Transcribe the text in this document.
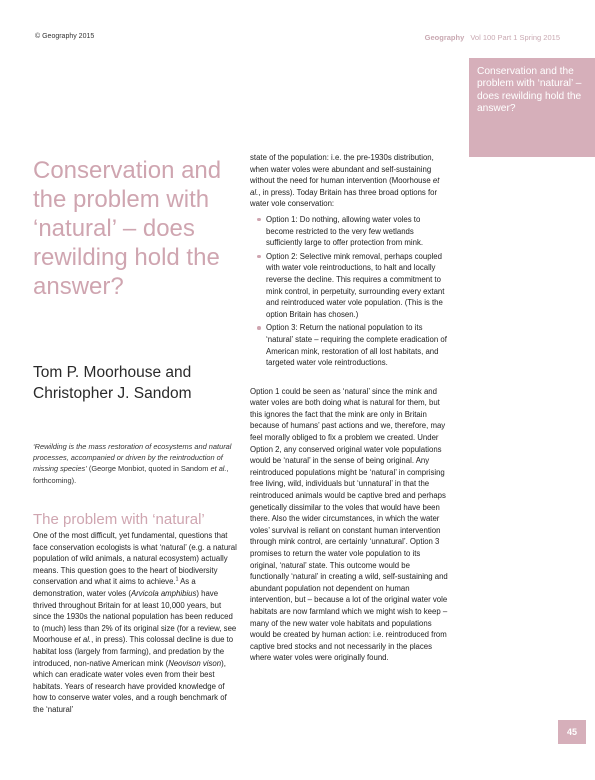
© Geography 2015	Geography Vol 100 Part 1 Spring 2015
Conservation and the problem with ‘natural’ – does rewilding hold the answer?
Conservation and the problem with ‘natural’ – does rewilding hold the answer?
Tom P. Moorhouse and Christopher J. Sandom

‘Rewilding is the mass restoration of ecosystems and natural processes, accompanied or driven by the reintroduction of missing species’ (George Monbiot, quoted in Sandom et al., forthcoming).

The problem with ‘natural’

One of the most difficult, yet fundamental, questions that face conservation ecologists is what ‘natural’ (e.g. a natural population of wild animals, a natural ecosystem) actually means. This question goes to the heart of biodiversity conservation and what it aims to achieve.$^1$ As a demonstration, water voles (Arvicola amphibius) have thrived throughout Britain for at least 10,000 years, but since the 1930s the national population has been reduced to (much) less than 2% of its original size (for a review, see Moorhouse et al., in press). This colossal decline is due to habitat loss (largely from farming), and predation by the introduced, non-native American mink (Neovison vison), which can eradicate water voles even from their best habitats. Years of research have provided knowledge of how to conserve water voles, and a rough benchmark of the ‘natural’

state of the population: i.e. the pre-1930s distribution, when water voles were abundant and self-sustaining without the need for human intervention (Moorhouse et al., in press). Today Britain has three broad options for water vole conservation:

Option 1: Do nothing, allowing water voles to become restricted to the very few wetlands sufficiently large to offer protection from mink.
Option 2: Selective mink removal, perhaps coupled with water vole reintroductions, to halt and locally reverse the decline. This requires a commitment to mink control, in perpetuity, surrounding every extant and reintroduced water vole population. (This is the option Britain has chosen.)
Option 3: Return the national population to its ‘natural’ state – requiring the complete eradication of American mink, restoration of all lost habitats, and targeted water vole reintroductions.

Option 1 could be seen as ‘natural’ since the mink and water voles are both doing what is natural for them, but this ignores the fact that the mink are only in Britain because of humans’ past actions and we, therefore, may feel morally obliged to fix a problem we created. Under Option 2, any conserved original water vole populations would be ‘natural’ in the sense of being original. Any reintroduced populations might be ‘natural’ in comprising free living, wild, individuals but ‘unnatural’ in that the reintroduced animals would be captive bred and perhaps genetically dissimilar to the voles that would have been there. Also the wider circumstances, in which the water voles’ survival is reliant on constant human intervention through mink control, are certainly ‘unnatural’. Option 3 promises to return the water vole population to its original, ‘natural’ state. This outcome would be functionally ‘natural’ in creating a wild, self-sustaining and abundant population not dependent on human intervention, but – because a lot of the original water vole habitats are now farmland which we might wish to keep – many of the new water vole habitats and populations would be created by human action: i.e. reintroduced from captive bred stocks and not necessarily in the places where water voles were originally found.

45
